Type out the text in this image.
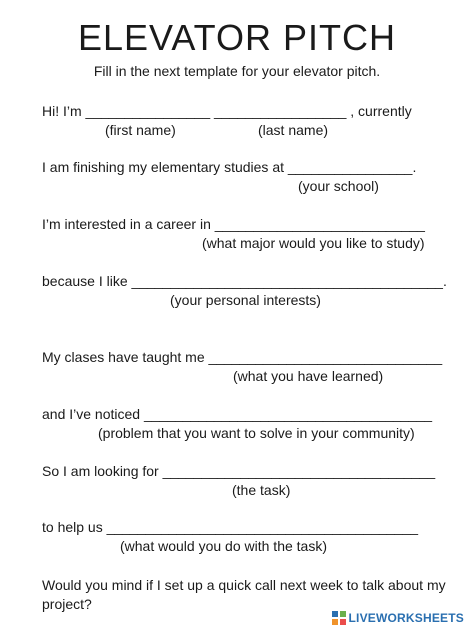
ELEVATOR PITCH
Fill in the next template for your elevator pitch.
Hi! I’m ________________ _________________ , currently
(first name)	(last name)
I am finishing my elementary studies at ________________.
(your school)
I’m interested in a career in ___________________________
(what major would you like to study)
because I like ________________________________________.
(your personal interests)
My clases have taught me ______________________________
(what you have learned)
and I’ve noticed _____________________________________
(problem that you want to solve in your community)
So I am looking for ___________________________________
(the task)
to help us ________________________________________
(what would you do with the task)
Would you mind if I set up a quick call next week to talk about my project?
LIVEWORKSHEETS
